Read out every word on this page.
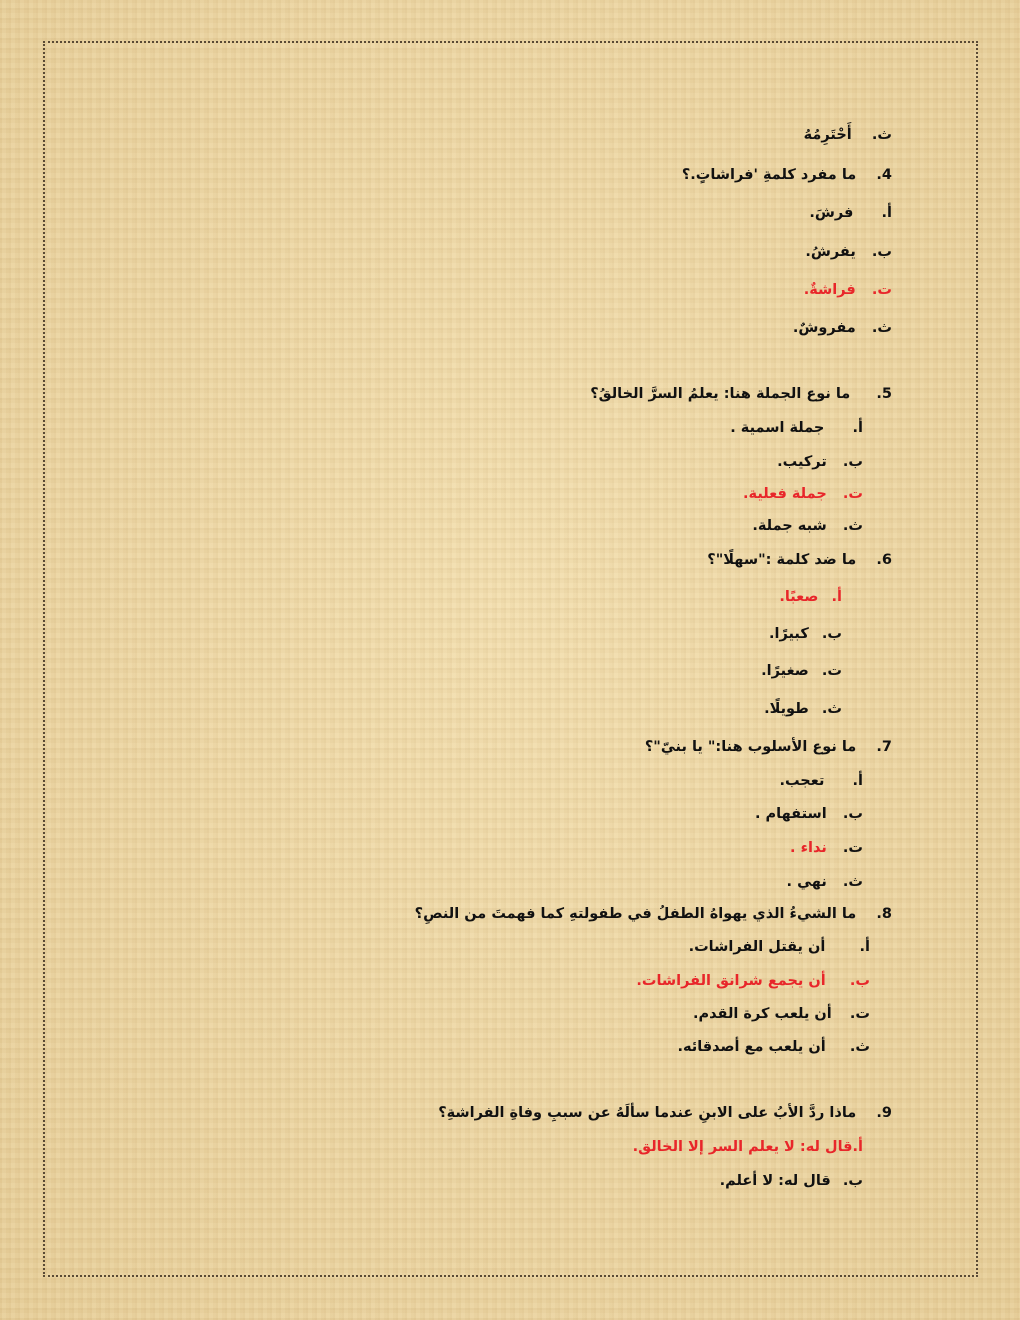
ث.  أَحْتَرِمُهُ
4.  ما مفرد كلمةِ 'فراشاتٍ.؟
أ.  فرشَ.
ب.  يفرشُ.
ت.  فراشةٌ.
ث.  مفروشٌ.
5.  ما نوع الجملة هنا: يعلمُ السرَّ الخالقُ؟
أ.  جملة اسمية .
ب.  تركيب.
ت.  جملة فعلية.
ث.  شبه جملة.
6.  ما ضد كلمة :"سهلًا"؟
أ.  صعبًا.
ب.  كبيرًا.
ت.  صغيرًا.
ث.  طويلًا.
7.  ما نوع الأسلوب هنا:" يا بنيّ"؟
أ.  تعجب.
ب.  استفهام .
ت.  نداء .
ث.  نهي .
8.  ما الشيءُ الذي يهواهُ الطفلُ في طفولتهِ كما فهمتَ من النصِ؟
أ.  أن يقتل الفراشات.
ب.  أن يجمع شرانق الفراشات.
ت.  أن يلعب كرة القدم.
ث.  أن يلعب مع أصدقائه.
9.  ماذا ردَّ الأبُ على الابنِ عندما سألَهُ عن سببِ وفاةِ الفراشةِ؟
أ.قال له: لا يعلم السر إلا الخالق.
ب.  قال له: لا أعلم.
